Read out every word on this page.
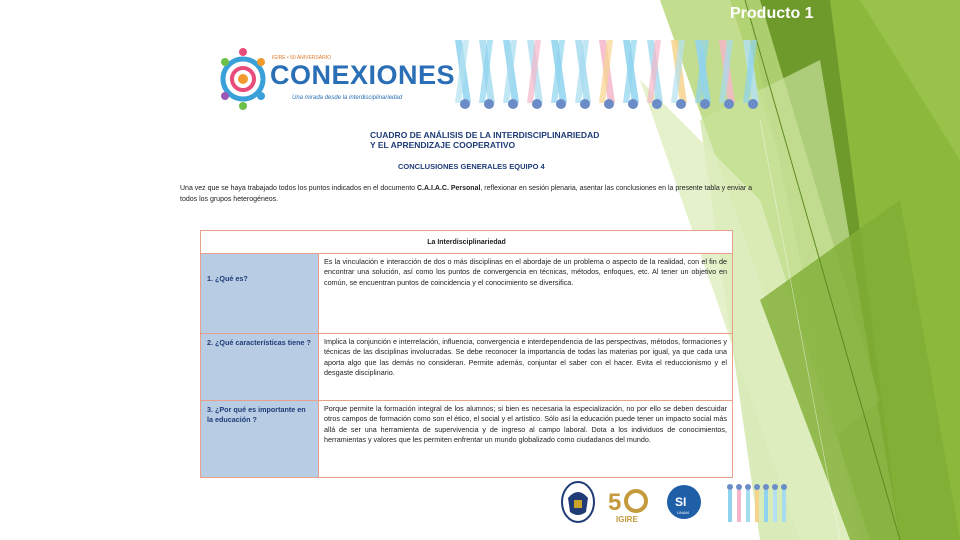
Producto 1
IGIRE • 50 ANIVERSARIO
CONEXIONES
Una mirada desde la interdisciplinariedad
CUADRO DE ANÁLISIS DE LA INTERDISCIPLINARIEDAD
Y EL APRENDIZAJE COOPERATIVO
CONCLUSIONES GENERALES EQUIPO 4
Una vez que se haya trabajado todos los puntos indicados en el documento C.A.I.A.C. Personal, reflexionar en sesión plenaria, asentar las conclusiones en la presente tabla y enviar a todos los grupos heterogéneos.
La Interdisciplinariedad	
1. ¿Qué es?	Es la vinculación e interacción de dos o más disciplinas en el abordaje de un problema o aspecto de la realidad, con el fin de encontrar una solución, así como los puntos de convergencia en técnicas, métodos, enfoques, etc. Al tener un objetivo en común, se encuentran puntos de coincidencia y el conocimiento se diversifica.
2. ¿Qué características tiene ?	Implica la conjunción e interrelación, influencia, convergencia e interdependencia de las perspectivas, métodos, formaciones y técnicas de las disciplinas involucradas. Se debe reconocer la importancia de todas las materias por igual, ya que cada una aporta algo que las demás no consideran. Permite además, conjuntar el saber con el hacer. Evita el reduccionismo y el desgaste disciplinario.
3. ¿Por qué es importante en la educación ?	Porque permite la formación integral de los alumnos; si bien es necesaria la especialización, no por ello se deben descuidar otros campos de formación como son el ético, el social y el artístico. Sólo así la educación puede tener un impacto social más allá de ser una herramienta de supervivencia y de ingreso al campo laboral. Dota a los individuos de conocimientos, herramientas y valores que les permiten enfrentar un mundo globalizado como ciudadanos del mundo.
5
IGIRE
SI
UNAM
